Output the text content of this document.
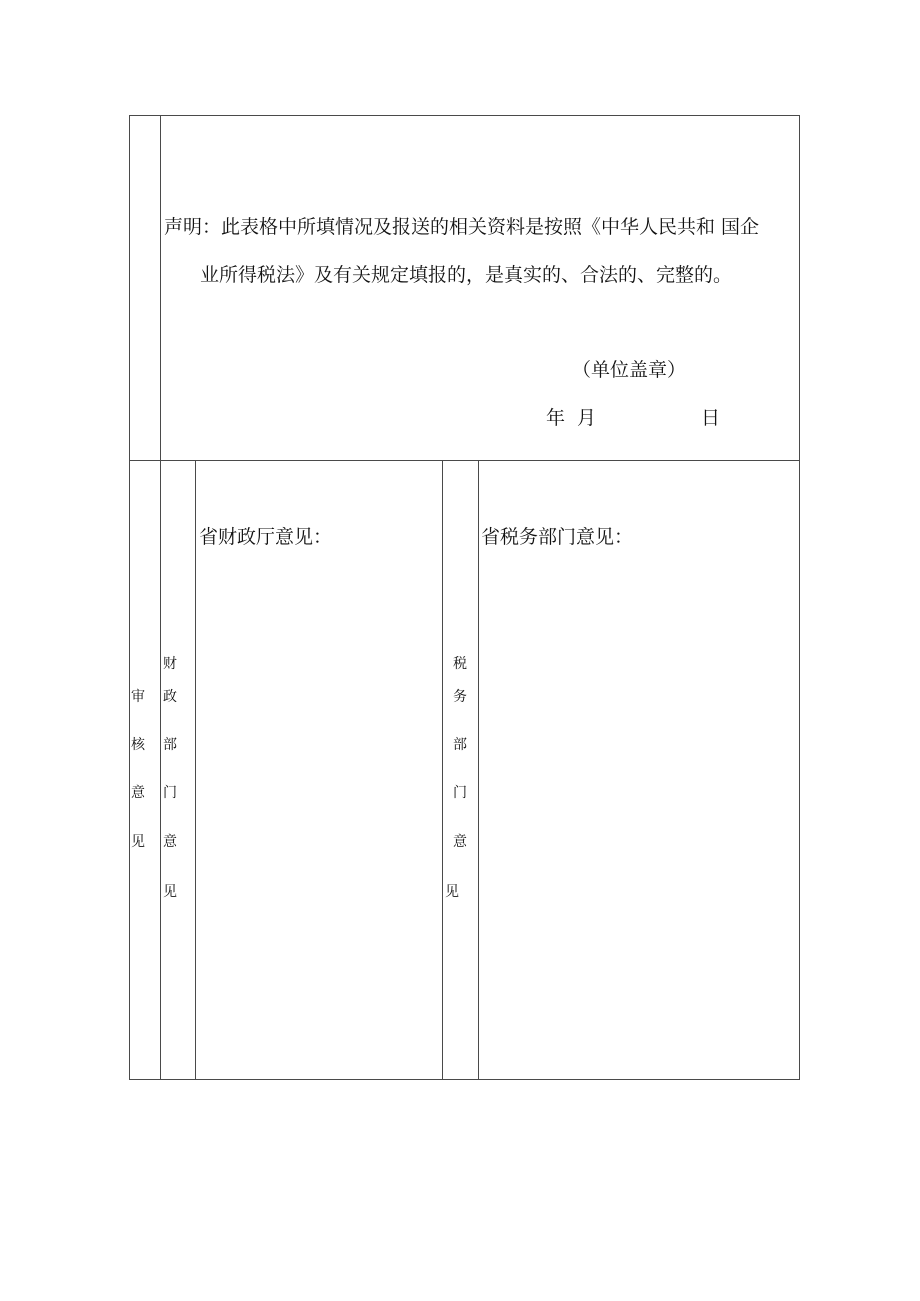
声明：此表格中所填情况及报送的相关资料是按照《中华人民共和 国企
业所得税法》及有关规定填报的，是真实的、合法的、完整的。
（单位盖章）
年 月	日
审
核
意
见
财
政
部
门
意
见
省财政厅意见：
税
务
部
门
意
见
省税务部门意见：
